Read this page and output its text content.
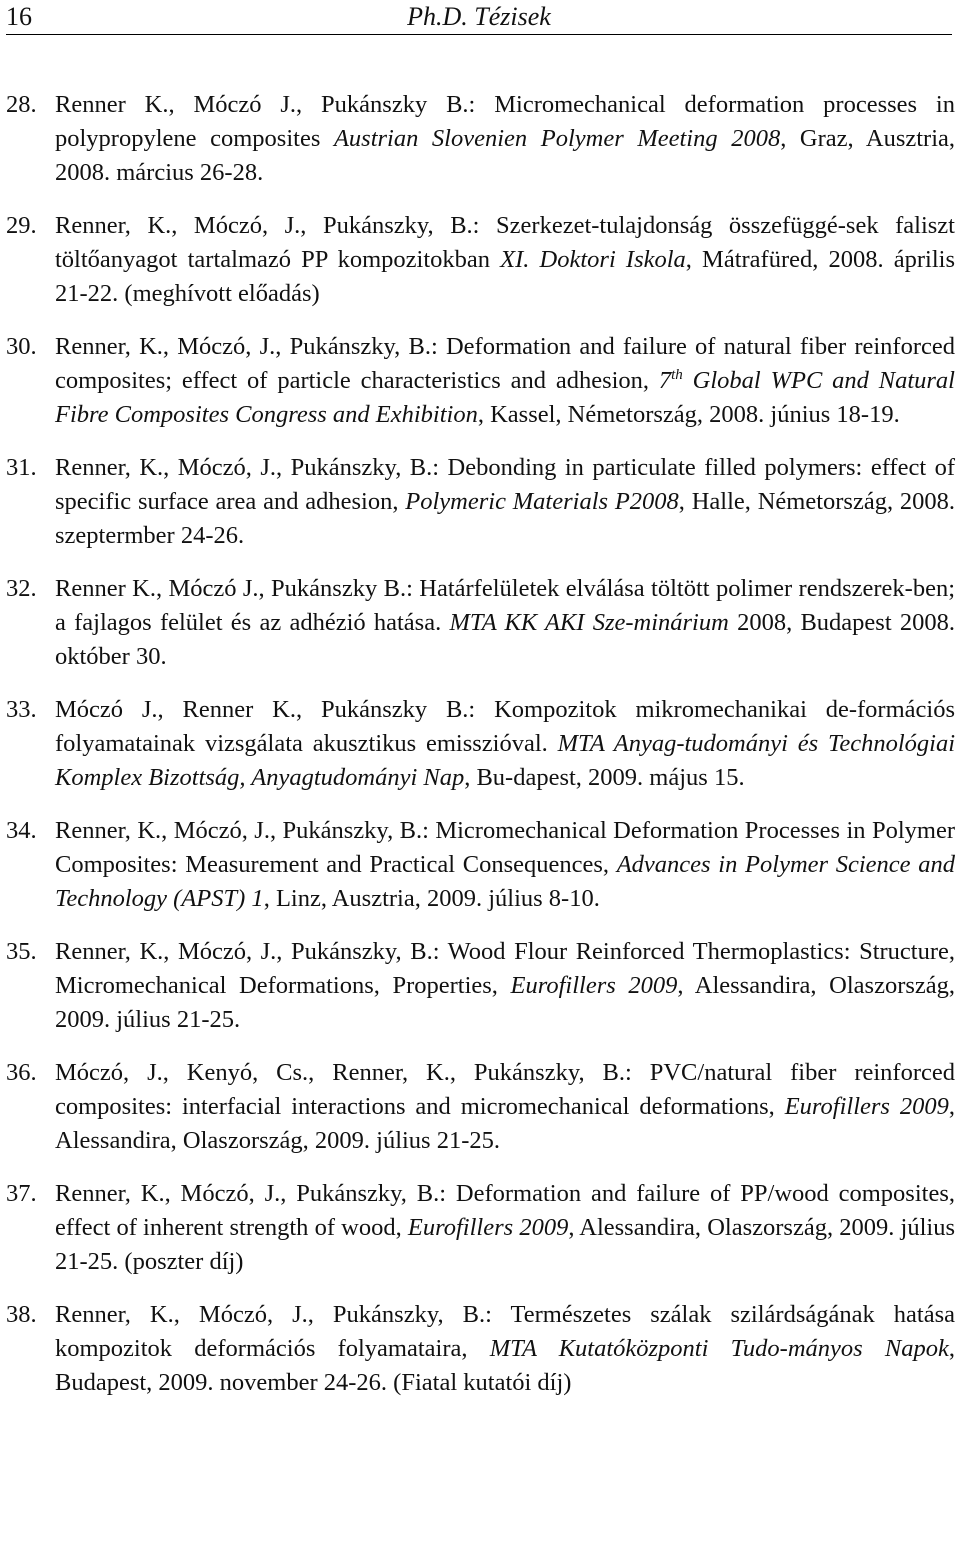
16	Ph.D. Tézisek
28. Renner K., Móczó J., Pukánszky B.: Micromechanical deformation processes in polypropylene composites Austrian Slovenien Polymer Meeting 2008, Graz, Ausztria, 2008. március 26-28.
29. Renner, K., Móczó, J., Pukánszky, B.: Szerkezet-tulajdonság összefüggé-sek faliszt töltőanyagot tartalmazó PP kompozitokban XI. Doktori Iskola, Mátrafüred, 2008. április 21-22. (meghívott előadás)
30. Renner, K., Móczó, J., Pukánszky, B.: Deformation and failure of natural fiber reinforced composites; effect of particle characteristics and adhesion, 7th Global WPC and Natural Fibre Composites Congress and Exhibition, Kassel, Németország, 2008. június 18-19.
31. Renner, K., Móczó, J., Pukánszky, B.: Debonding in particulate filled polymers: effect of specific surface area and adhesion, Polymeric Materials P2008, Halle, Németország, 2008. szeptermber 24-26.
32. Renner K., Móczó J., Pukánszky B.: Határfelületek elválása töltött polimer rendszerek-ben; a fajlagos felület és az adhézió hatása. MTA KK AKI Sze-minárium 2008, Budapest 2008. október 30.
33. Móczó J., Renner K., Pukánszky B.: Kompozitok mikromechanikai de-formációs folyamatainak vizsgálata akusztikus emisszióval. MTA Anyag-tudományi és Technológiai Komplex Bizottság, Anyagtudományi Nap, Bu-dapest, 2009. május 15.
34. Renner, K., Móczó, J., Pukánszky, B.: Micromechanical Deformation Processes in Polymer Composites: Measurement and Practical Consequences, Advances in Polymer Science and Technology (APST) 1, Linz, Ausztria, 2009. július 8-10.
35. Renner, K., Móczó, J., Pukánszky, B.: Wood Flour Reinforced Thermoplastics: Structure, Micromechanical Deformations, Properties, Eurofillers 2009, Alessandira, Olaszország, 2009. július 21-25.
36. Móczó, J., Kenyó, Cs., Renner, K., Pukánszky, B.: PVC/natural fiber reinforced composites: interfacial interactions and micromechanical deformations, Eurofillers 2009, Alessandira, Olaszország, 2009. július 21-25.
37. Renner, K., Móczó, J., Pukánszky, B.: Deformation and failure of PP/wood composites, effect of inherent strength of wood, Eurofillers 2009, Alessandira, Olaszország, 2009. július 21-25. (poszter díj)
38. Renner, K., Móczó, J., Pukánszky, B.: Természetes szálak szilárdságának hatása kompozitok deformációs folyamataira, MTA Kutatóközponti Tudo-mányos Napok, Budapest, 2009. november 24-26. (Fiatal kutatói díj)
